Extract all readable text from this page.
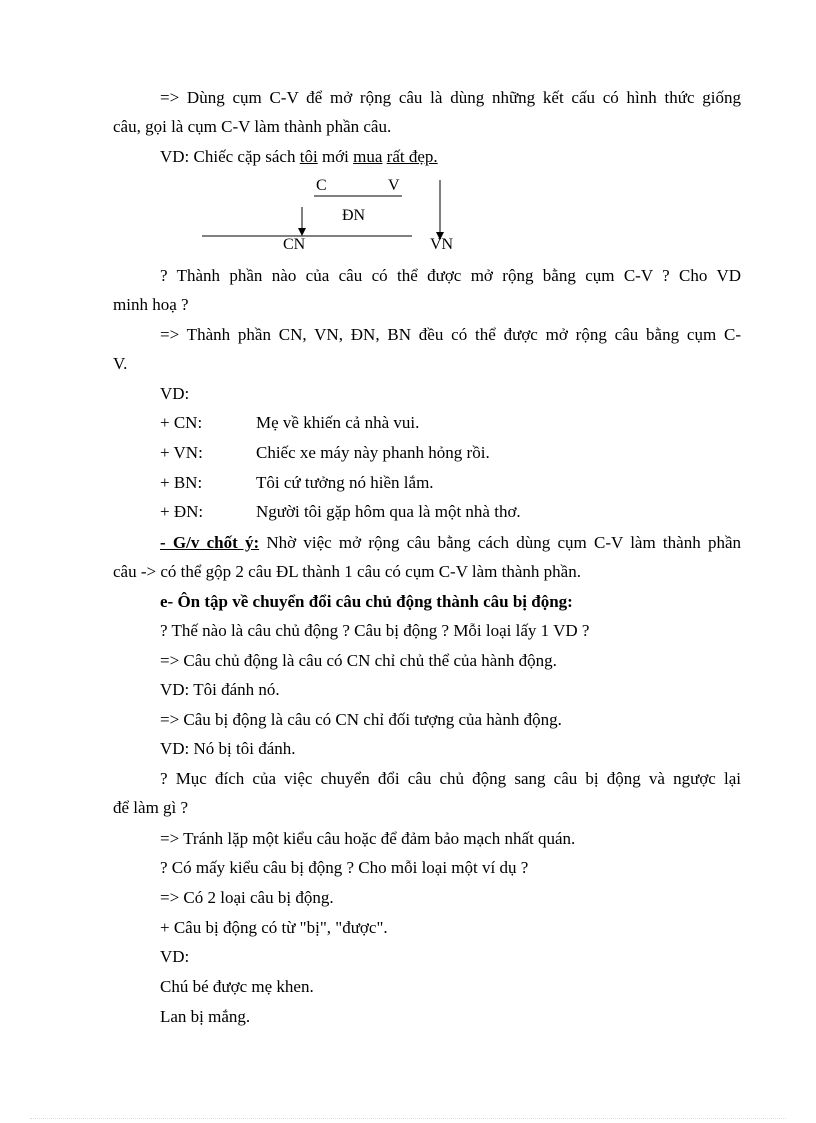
=> Dùng cụm C-V để mở rộng câu là dùng những kết cấu có hình thức giống
câu, gọi là cụm C-V làm thành phần câu.
VD: Chiếc cặp sách tôi mới mua rất đẹp.
C	V
ĐN
CN	VN
? Thành phần nào của câu có thể được mở rộng bằng cụm C-V ? Cho VD
minh hoạ ?
=> Thành phần CN, VN, ĐN, BN đều có thể được mở rộng câu bằng cụm C-
V.
VD:
+ CN:	Mẹ về khiến cả nhà vui.
+ VN:	Chiếc xe máy này phanh hỏng rồi.
+ BN:	Tôi cứ tưởng nó hiền lắm.
+ ĐN:	Người tôi gặp hôm qua là một nhà thơ.
- G/v chốt ý: Nhờ việc mở rộng câu bằng cách dùng cụm C-V làm thành phần
câu -> có thể gộp 2 câu ĐL thành 1 câu có cụm C-V làm thành phần.
e- Ôn tập về chuyển đổi câu chủ động thành câu bị động:
? Thế nào là câu chủ động ? Câu bị động ? Mỗi loại lấy 1 VD ?
=> Câu chủ động là câu có CN chỉ chủ thể của hành động.
VD: Tôi đánh nó.
=> Câu bị động là câu có CN chỉ đối tượng của hành động.
VD: Nó bị tôi đánh.
? Mục đích của việc chuyển đổi câu chủ động sang câu bị động và ngược lại
để làm gì ?
=> Tránh lặp một kiểu câu hoặc để đảm bảo mạch nhất quán.
? Có mấy kiểu câu bị động ? Cho mỗi loại một ví dụ ?
=> Có 2 loại câu bị động.
+ Câu bị động có từ "bị", "được".
VD:
Chú bé được mẹ khen.
Lan bị mắng.
